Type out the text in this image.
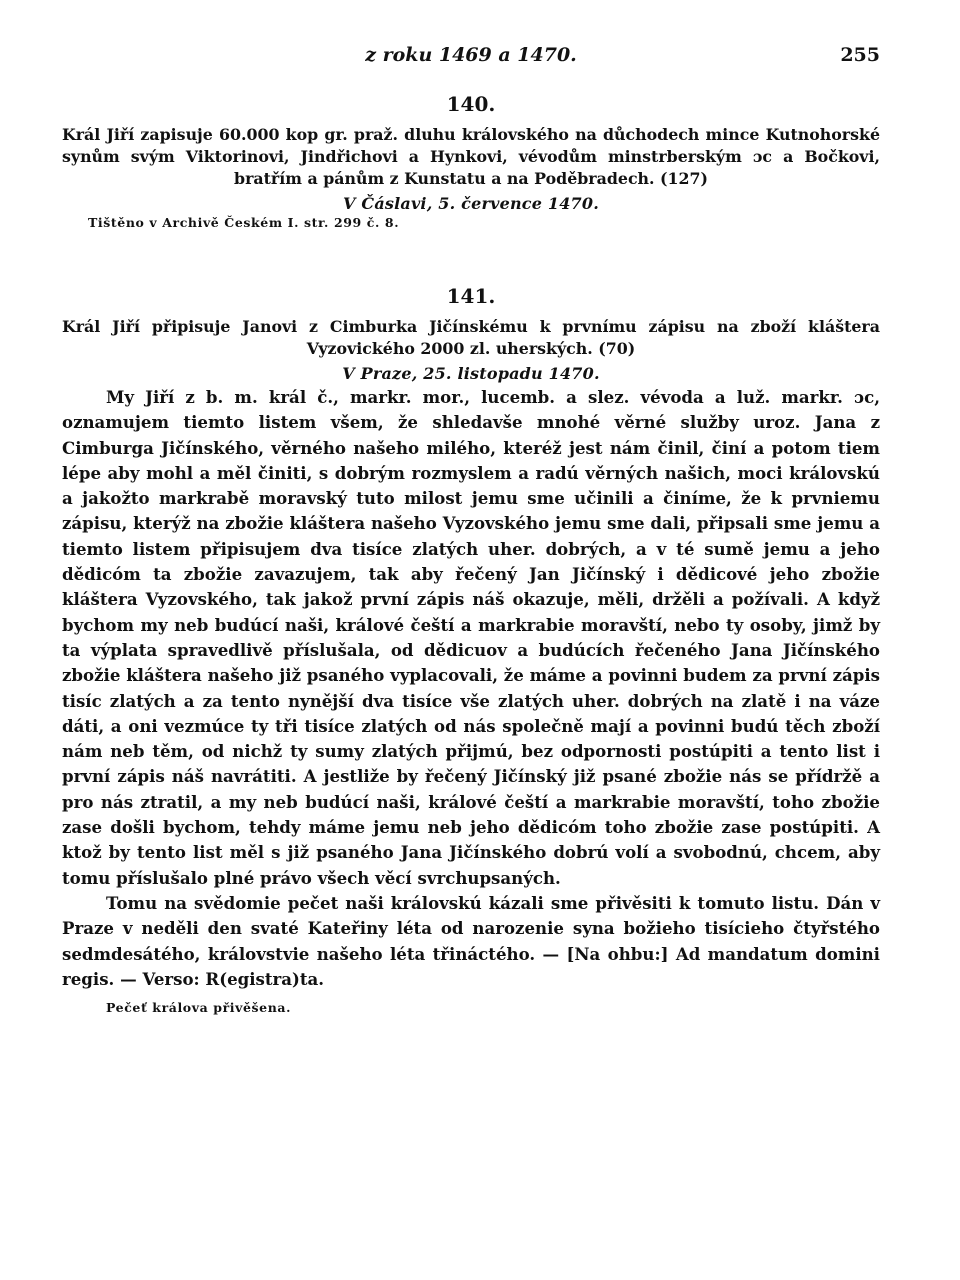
z roku 1469 a 1470.	255
140.

Král Jiří zapisuje 60.000 kop gr. praž. dluhu královského na důchodech mince Kutnohorské synům svým Viktorinovi, Jindřichovi a Hynkovi, vévodům minstrberským ɔc a Bočkovi, bratřím a pánům z Kunstatu a na Poděbradech. (127)

V Čáslavi, 5. července 1470.
Tištěno v Archivě Českém I. str. 299 č. 8.
141.

Král Jiří připisuje Janovi z Cimburka Jičínskému k prvnímu zápisu na zboží kláštera Vyzovického 2000 zl. uherských. (70)

V Praze, 25. listopadu 1470.

My Jiří z b. m. král č., markr. mor., lucemb. a slez. vévoda a luž. markr. ɔc, oznamujem tiemto listem všem, že shledavše mnohé věrné služby uroz. Jana z Cimburga Jičínského, věrného našeho milého, kteréž jest nám činil, činí a potom tiem lépe aby mohl a měl činiti, s dobrým rozmyslem a radú věrných našich, moci královskú a jakožto markrabě moravský tuto milost jemu sme učinili a činíme, že k prvniemu zápisu, kterýž na zbožie kláštera našeho Vyzovského jemu sme dali, připsali sme jemu a tiemto listem připisujem dva tisíce zlatých uher. dobrých, a v té sumě jemu a jeho dědicóm ta zbožie zavazujem, tak aby řečený Jan Jičínský i dědicové jeho zbožie kláštera Vyzovského, tak jakož první zápis náš okazuje, měli, držěli a požívali. A když bychom my neb budúcí naši, králové čeští a markrabie moravští, nebo ty osoby, jimž by ta výplata spravedlivě příslušala, od dědicuov a budúcích řečeného Jana Jičínského zbožie kláštera našeho již psaného vyplacovali, že máme a povinni budem za první zápis tisíc zlatých a za tento nynější dva tisíce vše zlatých uher. dobrých na zlatě i na váze dáti, a oni vezmúce ty tři tisíce zlatých od nás společně mají a povinni budú těch zboží nám neb těm, od nichž ty sumy zlatých přijmú, bez odpornosti postúpiti a tento list i první zápis náš navrátiti. A jestliže by řečený Jičínský již psané zbožie nás se přídržě a pro nás ztratil, a my neb budúcí naši, králové čeští a markrabie moravští, toho zbožie zase došli bychom, tehdy máme jemu neb jeho dědicóm toho zbožie zase postúpiti. A ktož by tento list měl s již psaného Jana Jičínského dobrú volí a svobodnú, chcem, aby tomu příslušalo plné právo všech věcí svrchupsaných.

Tomu na svědomie pečet naši královskú kázali sme přivěsiti k tomuto listu. Dán v Praze v neděli den svaté Kateřiny léta od narozenie syna božieho tisícieho čtyřstého sedmdesátého, královstvie našeho léta třináctého. — [Na ohbu:] Ad mandatum domini regis. — Verso: R(egistra)ta.

Pečeť králova přivěšena.
